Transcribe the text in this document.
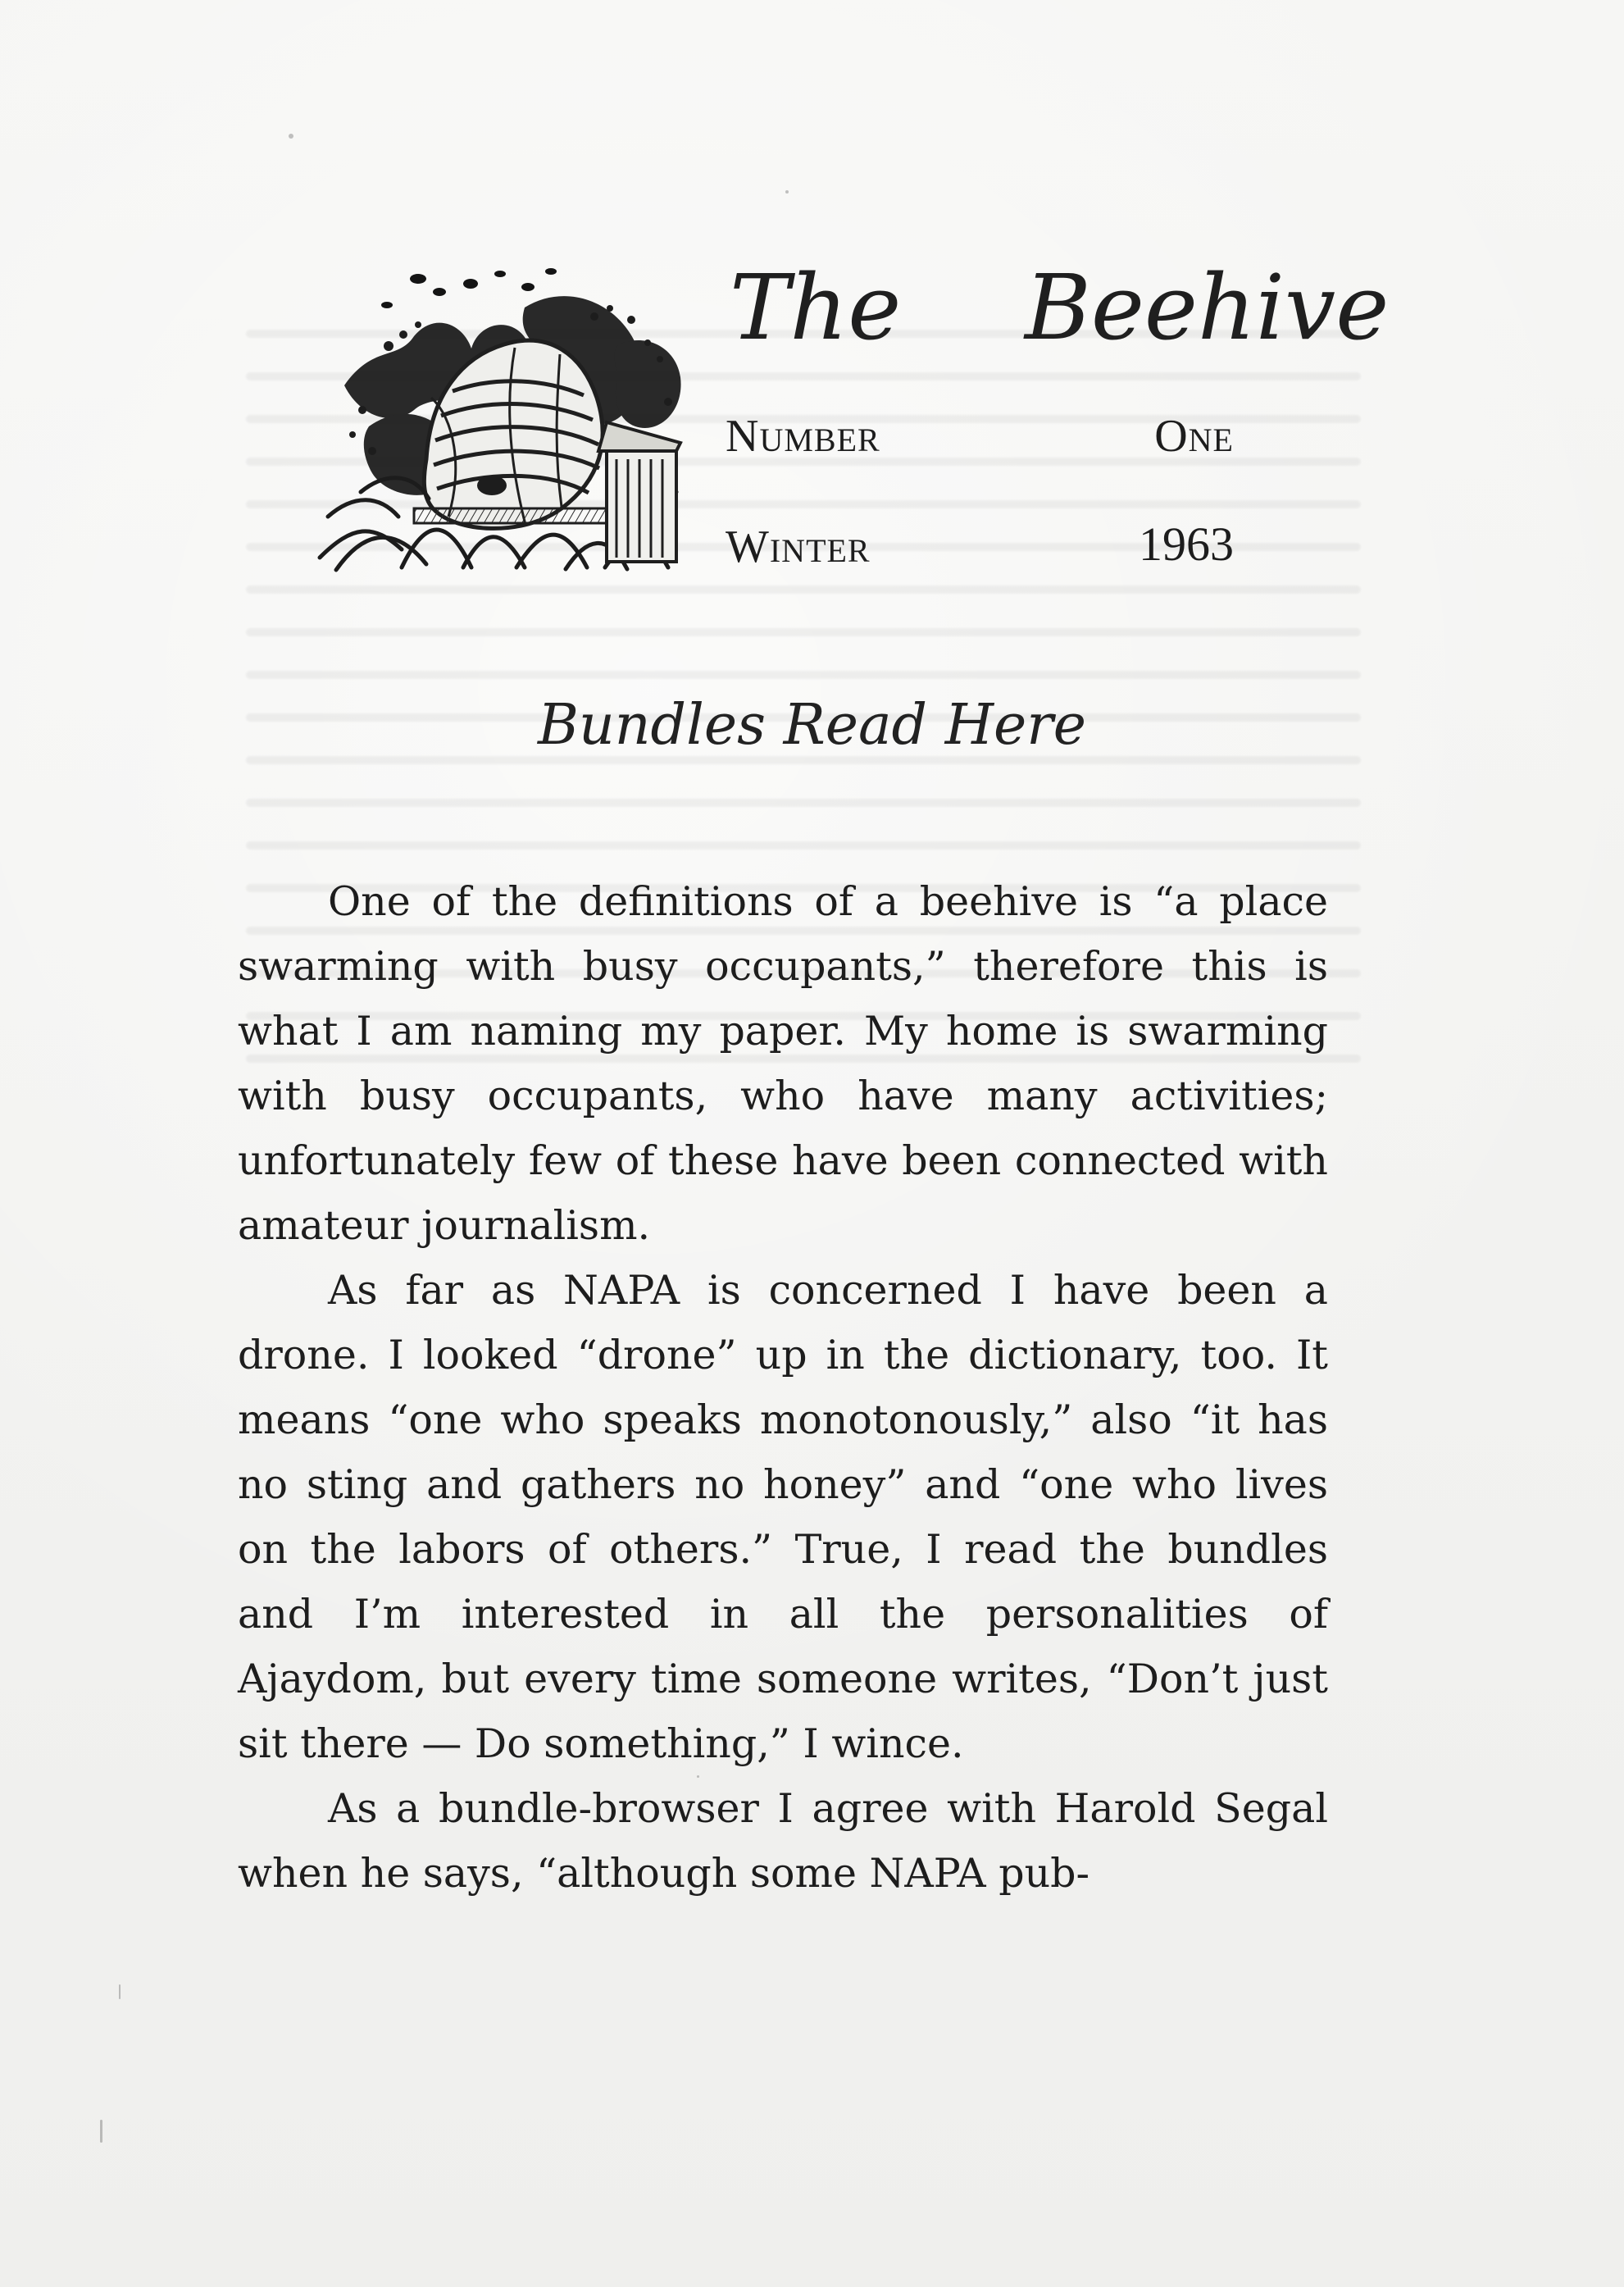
The Beehive
NUMBER	ONE
WINTER	1963
Bundles Read Here

One of the definitions of a beehive is “a place swarming with busy occupants,” therefore this is what I am naming my paper. My home is swarming with busy occupants, who have many activities; unfortunately few of these have been connected with amateur journalism.

As far as NAPA is concerned I have been a drone. I looked “drone” up in the dictionary, too. It means “one who speaks monotonously,” also “it has no sting and gathers no honey” and “one who lives on the labors of others.” True, I read the bundles and I’m interested in all the personalities of Ajaydom, but every time someone writes, “Don’t just sit there — Do something,” I wince.

As a bundle-browser I agree with Harold Segal when he says, “although some NAPA pub-
